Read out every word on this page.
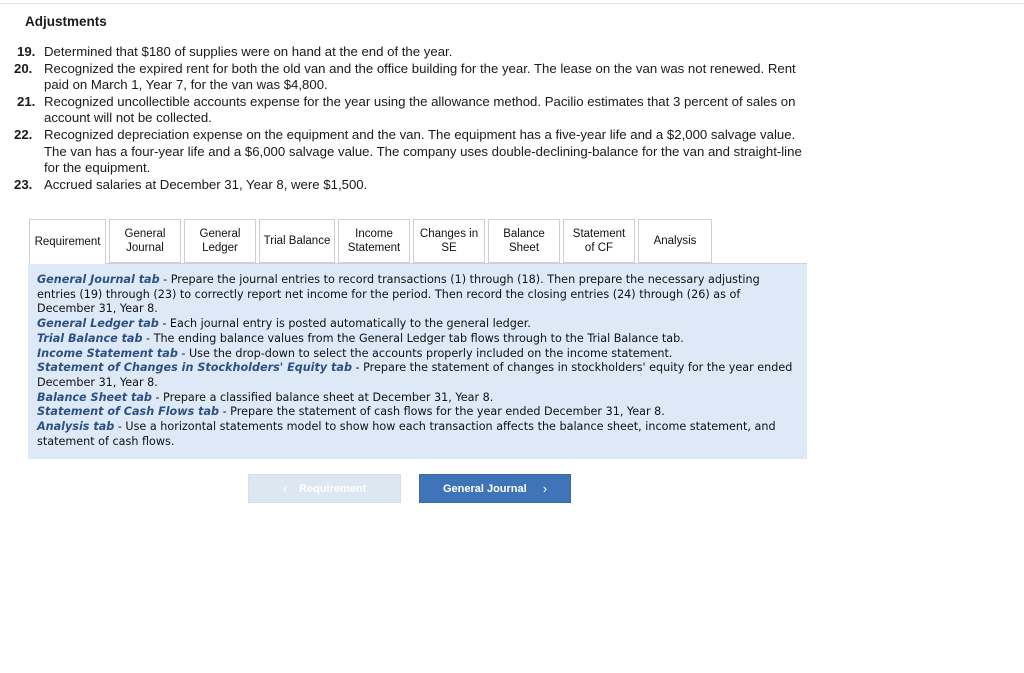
Adjustments
19. Determined that $180 of supplies were on hand at the end of the year.
20. Recognized the expired rent for both the old van and the office building for the year. The lease on the van was not renewed. Rent
paid on March 1, Year 7, for the van was $4,800.
21. Recognized uncollectible accounts expense for the year using the allowance method. Pacilio estimates that 3 percent of sales on
account will not be collected.
22. Recognized depreciation expense on the equipment and the van. The equipment has a five-year life and a $2,000 salvage value.
The van has a four-year life and a $6,000 salvage value. The company uses double-declining-balance for the van and straight-line
for the equipment.
23. Accrued salaries at December 31, Year 8, were $1,500.
Requirement
General
Journal
General
Ledger
Trial Balance
Income
Statement
Changes in
SE
Balance
Sheet
Statement
of CF
Analysis
General Journal tab - Prepare the journal entries to record transactions (1) through (18). Then prepare the necessary adjusting entries (19) through (23) to correctly report net income for the period. Then record the closing entries (24) through (26) as of December 31, Year 8.
General Ledger tab - Each journal entry is posted automatically to the general ledger.
Trial Balance tab - The ending balance values from the General Ledger tab flows through to the Trial Balance tab.
Income Statement tab - Use the drop-down to select the accounts properly included on the income statement.
Statement of Changes in Stockholders' Equity tab - Prepare the statement of changes in stockholders' equity for the year ended December 31, Year 8.
Balance Sheet tab - Prepare a classified balance sheet at December 31, Year 8.
Statement of Cash Flows tab - Prepare the statement of cash flows for the year ended December 31, Year 8.
Analysis tab - Use a horizontal statements model to show how each transaction affects the balance sheet, income statement, and statement of cash flows.
‹ Requirement	General Journal ›
